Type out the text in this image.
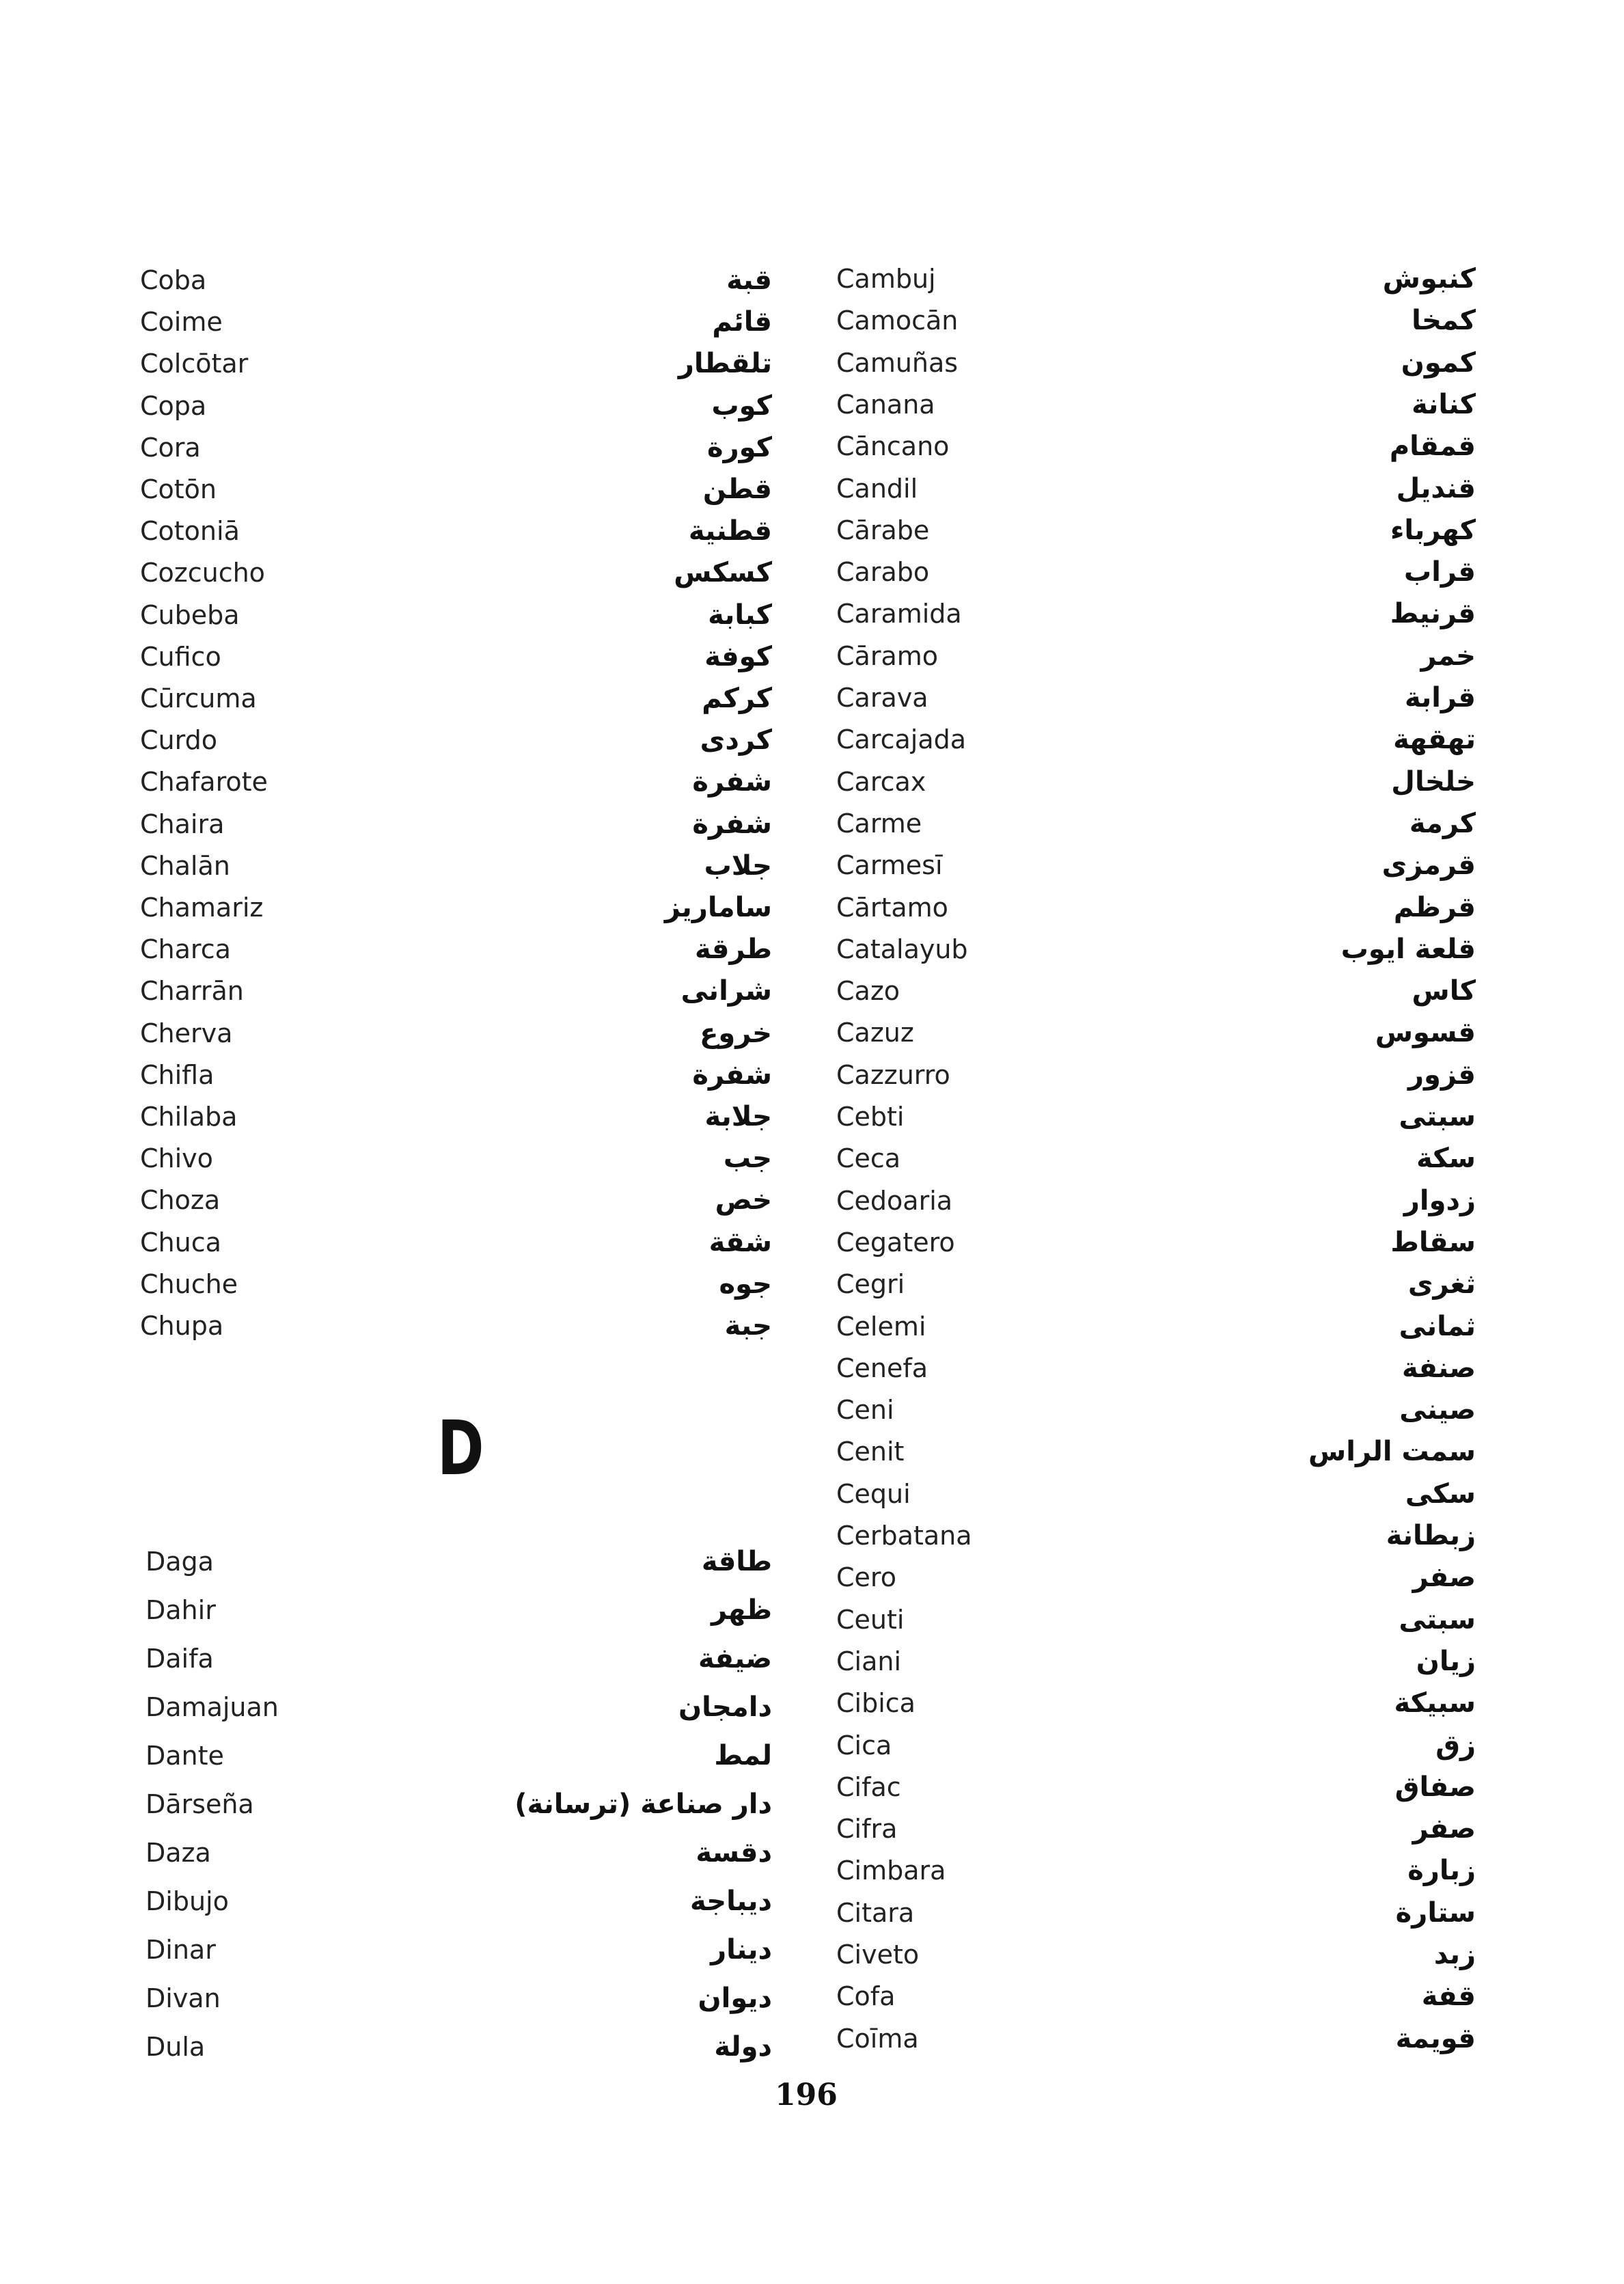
Coba	قبة
Coime	قائم
Colcōtar	تلقطار
Copa	كوب
Cora	كورة
Cotōn	قطن
Cotoniā	قطنية
Cozcucho	كسكس
Cubeba	كبابة
Cufico	كوفة
Cūrcuma	كركم
Curdo	كردى
Chafarote	شفرة
Chaira	شفرة
Chalān	جلاب
Chamariz	ساماريز
Charca	طرقة
Charrān	شرانى
Cherva	خروع
Chifla	شفرة
Chilaba	جلابة
Chivo	جب
Choza	خص
Chuca	شقة
Chuche	جوه
Chupa	جبة
Daga	طاقة
Dahir	ظهر
Daifa	ضيفة
Damajuan	دامجان
Dante	لمط
Dārseña	دار صناعة (ترسانة)
Daza	دقسة
Dibujo	ديباجة
Dinar	دينار
Divan	ديوان
Dula	دولة
Cambuj	كنبوش
Camocān	كمخا
Camuñas	كمون
Canana	كنانة
Cāncano	قمقام
Candil	قنديل
Cārabe	كهرباء
Carabo	قراب
Caramida	قرنيط
Cāramo	خمر
Carava	قرابة
Carcajada	تهقهة
Carcax	خلخال
Carme	كرمة
Carmesī	قرمزى
Cārtamo	قرظم
Catalayub	قلعة ايوب
Cazo	كاس
Cazuz	قسوس
Cazzurro	قزور
Cebti	سبتى
Ceca	سكة
Cedoaria	زدوار
Cegatero	سقاط
Cegri	ثغرى
Celemi	ثمانى
Cenefa	صنفة
Ceni	صينى
Cenit	سمت الراس
Cequi	سكى
Cerbatana	زبطانة
Cero	صفر
Ceuti	سبتى
Ciani	زيان
Cibica	سبيكة
Cica	زق
Cifac	صفاق
Cifra	صفر
Cimbara	زبارة
Citara	ستارة
Civeto	زبد
Cofa	قفة
Coīma	قويمة
D
196
